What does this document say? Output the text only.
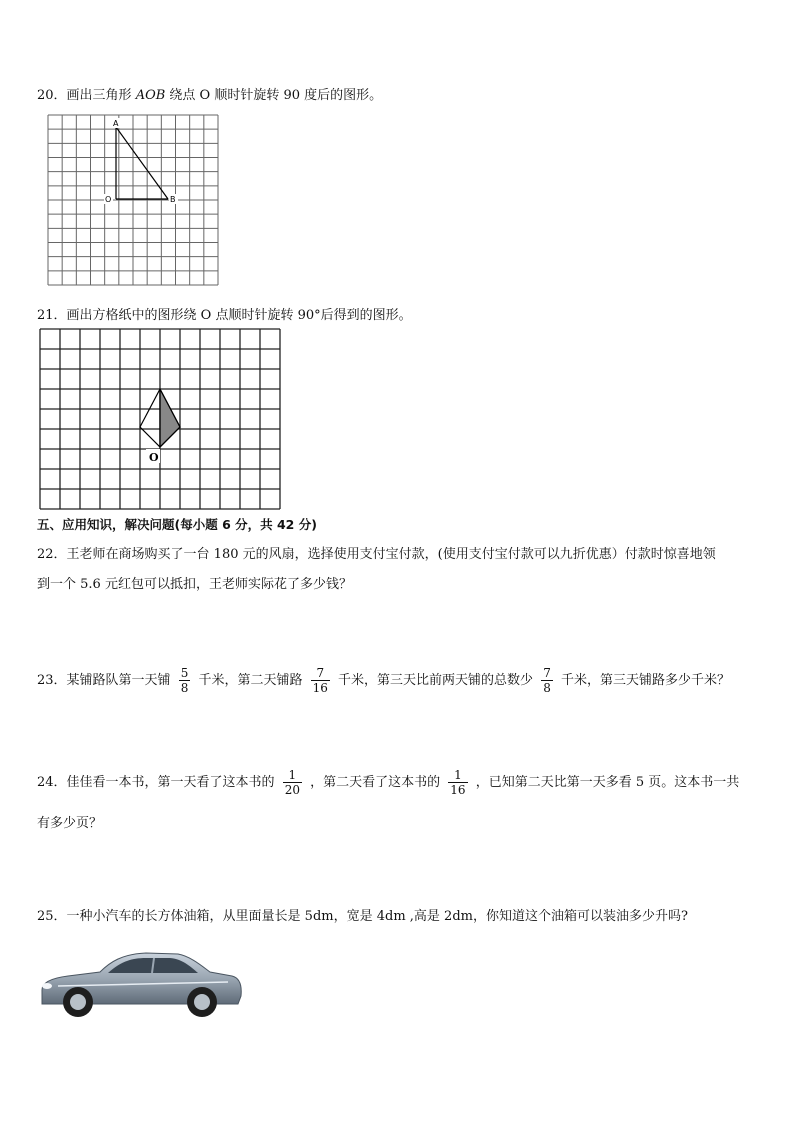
20．画出三角形 AOB 绕点 O 顺时针旋转 90 度后的图形。
A
O	B
21．画出方格纸中的图形绕 O 点顺时针旋转 90°后得到的图形。
O
五、应用知识，解决问题(每小题 6 分，共 42 分)
22．王老师在商场购买了一台 180 元的风扇，选择使用支付宝付款，(使用支付宝付款可以九折优惠）付款时惊喜地领
到一个 5.6 元红包可以抵扣，王老师实际花了多少钱？
23．某铺路队第一天铺 $\frac{5}{8}$ 千米，第二天铺路 $\frac{7}{16}$ 千米，第三天比前两天铺的总数少 $\frac{7}{8}$ 千米，第三天铺路多少千米？
24．佳佳看一本书，第一天看了这本书的 $\frac{1}{20}$ ，第二天看了这本书的 $\frac{1}{16}$ ，已知第二天比第一天多看 5 页。这本书一共
有多少页？
25．一种小汽车的长方体油箱，从里面量长是 5dm，宽是 4dm ,高是 2dm，你知道这个油箱可以装油多少升吗?
